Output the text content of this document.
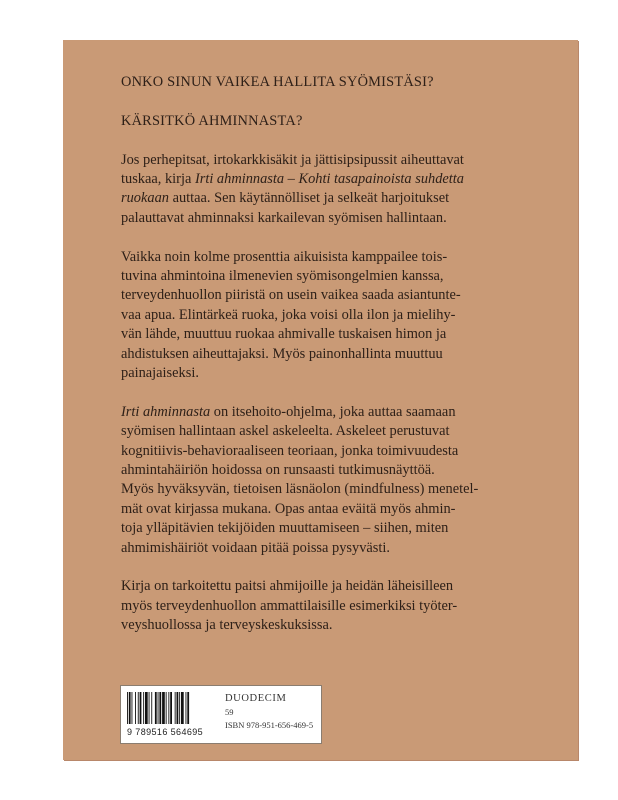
ONKO SINUN VAIKEA HALLITA SYÖMISTÄSI?

KÄRSITKÖ AHMINNASTA?

Jos perhepitsat, irtokarkkisäkit ja jättisipsipussit aiheuttavat
tuskaa, kirja Irti ahminnasta – Kohti tasapainoista suhdetta
ruokaan auttaa. Sen käytännölliset ja selkeät harjoitukset
palauttavat ahminnaksi karkailevan syömisen hallintaan.
Vaikka noin kolme prosenttia aikuisista kamppailee tois-
tuvina ahmintoina ilmenevien syömisongelmien kanssa,
terveydenhuollon piiristä on usein vaikea saada asiantunte-
vaa apua. Elintärkeä ruoka, joka voisi olla ilon ja mielihy-
vän lähde, muuttuu ruokaa ahmivalle tuskaisen himon ja
ahdistuksen aiheuttajaksi. Myös painonhallinta muuttuu
painajaiseksi.
Irti ahminnasta on itsehoito-ohjelma, joka auttaa saamaan
syömisen hallintaan askel askeleelta. Askeleet perustuvat
kognitiivis-behavioraaliseen teoriaan, jonka toimivuudesta
ahmintahäiriön hoidossa on runsaasti tutkimusnäyttöä.
Myös hyväksyvän, tietoisen läsnäolon (mindfulness) menetel-
mät ovat kirjassa mukana. Opas antaa eväitä myös ahmin-
toja ylläpitävien tekijöiden muuttamiseen – siihen, miten
ahmimishäiriöt voidaan pitää poissa pysyvästi.
Kirja on tarkoitettu paitsi ahmijoille ja heidän läheisilleen
myös terveydenhuollon ammattilaisille esimerkiksi työter-
veyshuollossa ja terveyskeskuksissa.
9 789516 564695
DUODECIM
59
ISBN 978-951-656-469-5
